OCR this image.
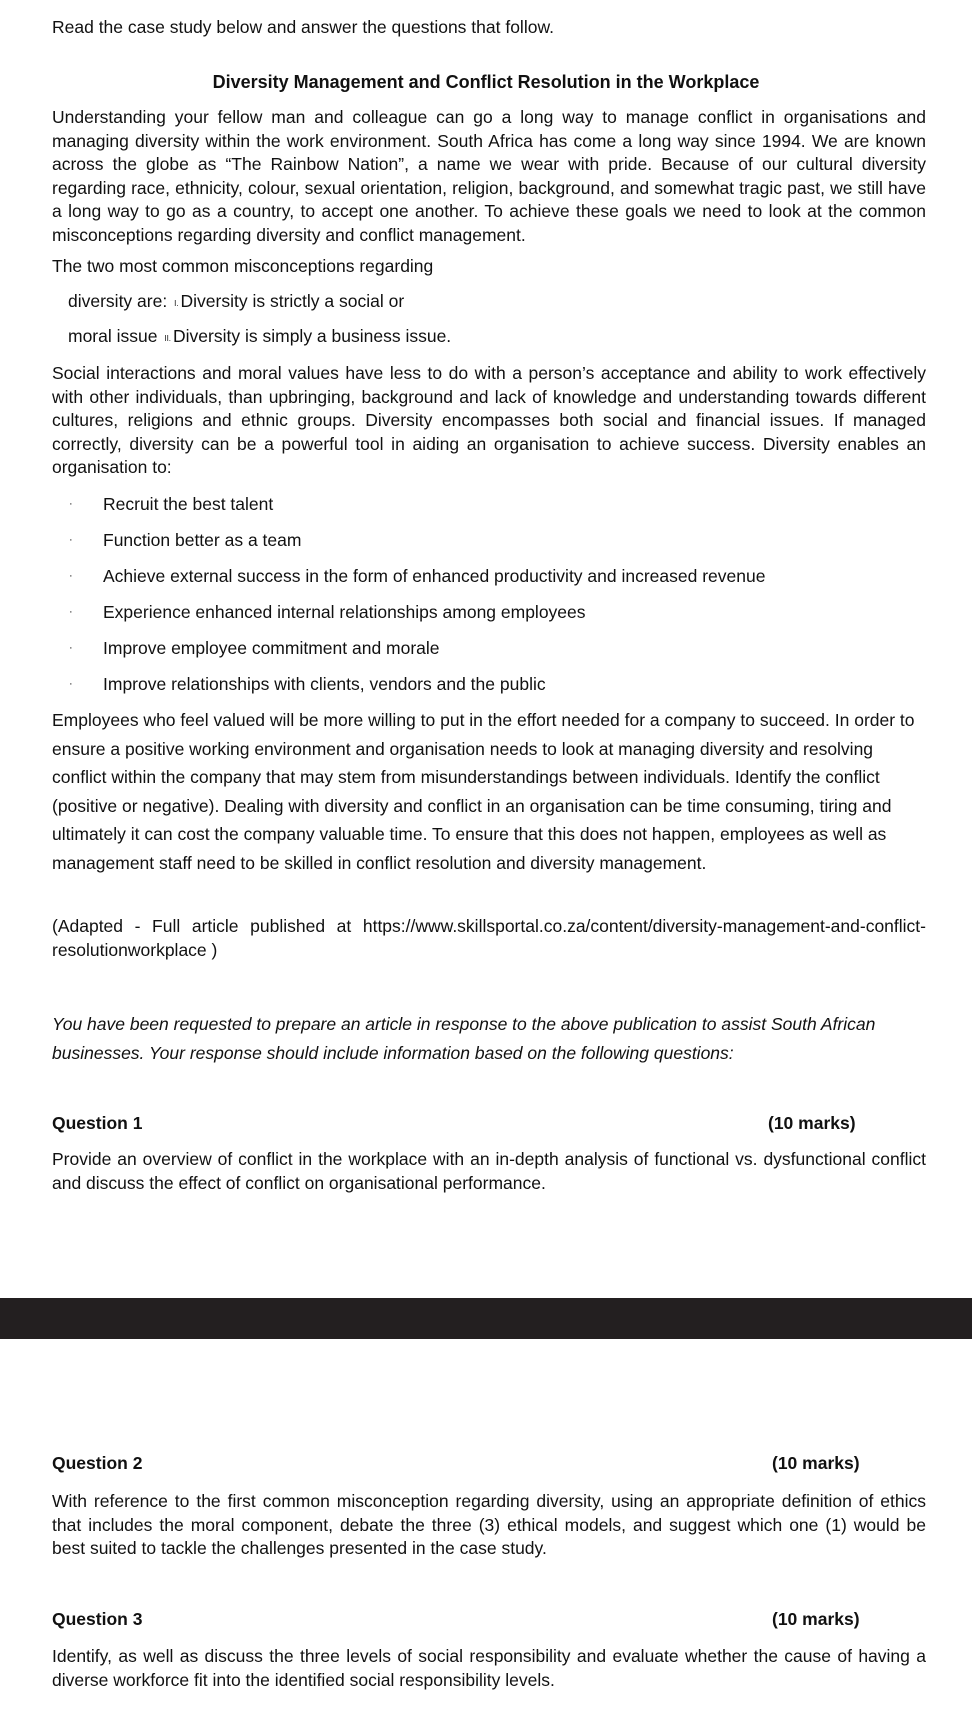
Read the case study below and answer the questions that follow.

Diversity Management and Conflict Resolution in the Workplace

Understanding your fellow man and colleague can go a long way to manage conflict in organisations and managing diversity within the work environment. South Africa has come a long way since 1994. We are known across the globe as “The Rainbow Nation”, a name we wear with pride. Because of our cultural diversity regarding race, ethnicity, colour, sexual orientation, religion, background, and somewhat tragic past, we still have a long way to go as a country, to accept one another. To achieve these goals we need to look at the common misconceptions regarding diversity and conflict management.

The two most common misconceptions regarding
diversity are: I. Diversity is strictly a social or
moral issue II. Diversity is simply a business issue.

Social interactions and moral values have less to do with a person’s acceptance and ability to work effectively with other individuals, than upbringing, background and lack of knowledge and understanding towards different cultures, religions and ethnic groups. Diversity encompasses both social and financial issues. If managed correctly, diversity can be a powerful tool in aiding an organisation to achieve success. Diversity enables an organisation to:

· Recruit the best talent
· Function better as a team
· Achieve external success in the form of enhanced productivity and increased revenue
· Experience enhanced internal relationships among employees
· Improve employee commitment and morale
· Improve relationships with clients, vendors and the public

Employees who feel valued will be more willing to put in the effort needed for a company to succeed. In order to ensure a positive working environment and organisation needs to look at managing diversity and resolving conflict within the company that may stem from misunderstandings between individuals. Identify the conflict (positive or negative). Dealing with diversity and conflict in an organisation can be time consuming, tiring and ultimately it can cost the company valuable time. To ensure that this does not happen, employees as well as management staff need to be skilled in conflict resolution and diversity management.

(Adapted - Full article published at https://www.skillsportal.co.za/content/diversity-management-and-conflict-resolutionworkplace )

You have been requested to prepare an article in response to the above publication to assist South African businesses. Your response should include information based on the following questions:

Question 1	(10 marks)

Provide an overview of conflict in the workplace with an in-depth analysis of functional vs. dysfunctional conflict and discuss the effect of conflict on organisational performance.

Question 2	(10 marks)

With reference to the first common misconception regarding diversity, using an appropriate definition of ethics that includes the moral component, debate the three (3) ethical models, and suggest which one (1) would be best suited to tackle the challenges presented in the case study.

Question 3	(10 marks)

Identify, as well as discuss the three levels of social responsibility and evaluate whether the cause of having a diverse workforce fit into the identified social responsibility levels.
